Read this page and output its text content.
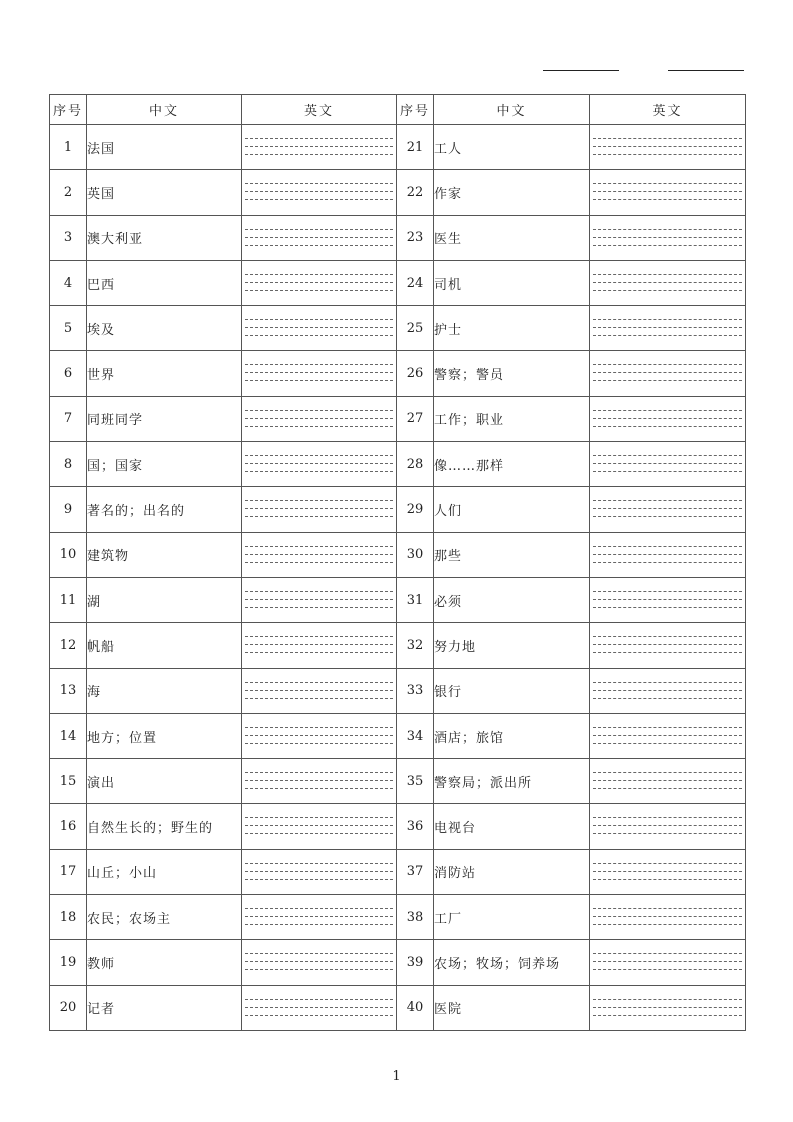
序号	中文	英文	序号	中文	英文
1	法国		21	工人	

2	英国		22	作家	

3	澳大利亚		23	医生	

4	巴西		24	司机	

5	埃及		25	护士	

6	世界		26	警察；警员	

7	同班同学		27	工作；职业	

8	国；国家		28	像……那样	

9	著名的；出名的		29	人们	

10	建筑物		30	那些	

11	湖		31	必须	

12	帆船		32	努力地	

13	海		33	银行	

14	地方；位置		34	酒店；旅馆	

15	演出		35	警察局；派出所	

16	自然生长的；野生的		36	电视台	

17	山丘；小山		37	消防站	

18	农民；农场主		38	工厂	

19	教师		39	农场；牧场；饲养场	

20	记者		40	医院	
1
